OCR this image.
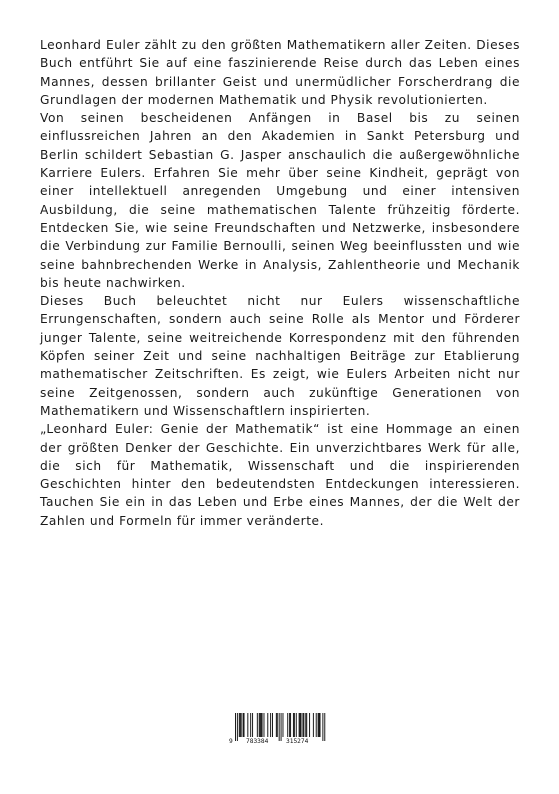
Leonhard Euler zählt zu den größten Mathematikern aller Zeiten. Dieses Buch entführt Sie auf eine faszinierende Reise durch das Leben eines Mannes, dessen brillanter Geist und unermüdlicher Forscherdrang die Grundlagen der modernen Mathematik und Physik revolutionierten.

Von seinen bescheidenen Anfängen in Basel bis zu seinen einflussreichen Jahren an den Akademien in Sankt Petersburg und Berlin schildert Sebastian G. Jasper anschaulich die außergewöhnliche Karriere Eulers. Erfahren Sie mehr über seine Kindheit, geprägt von einer intellektuell anregenden Umgebung und einer intensiven Ausbildung, die seine mathematischen Talente frühzeitig förderte. Entdecken Sie, wie seine Freundschaften und Netzwerke, insbesondere die Verbindung zur Familie Bernoulli, seinen Weg beeinflussten und wie seine bahnbrechenden Werke in Analysis, Zahlentheorie und Mechanik bis heute nachwirken.

Dieses Buch beleuchtet nicht nur Eulers wissenschaftliche Errungenschaften, sondern auch seine Rolle als Mentor und Förderer junger Talente, seine weitreichende Korrespondenz mit den führenden Köpfen seiner Zeit und seine nachhaltigen Beiträge zur Etablierung mathematischer Zeitschriften. Es zeigt, wie Eulers Arbeiten nicht nur seine Zeitgenossen, sondern auch zukünftige Generationen von Mathematikern und Wissenschaftlern inspirierten.

„Leonhard Euler: Genie der Mathematik“ ist eine Hommage an einen der größten Denker der Geschichte. Ein unverzichtbares Werk für alle, die sich für Mathematik, Wissenschaft und die inspirierenden Geschichten hinter den bedeutendsten Entdeckungen interessieren. Tauchen Sie ein in das Leben und Erbe eines Mannes, der die Welt der Zahlen und Formeln für immer veränderte.

9 783384	315274
